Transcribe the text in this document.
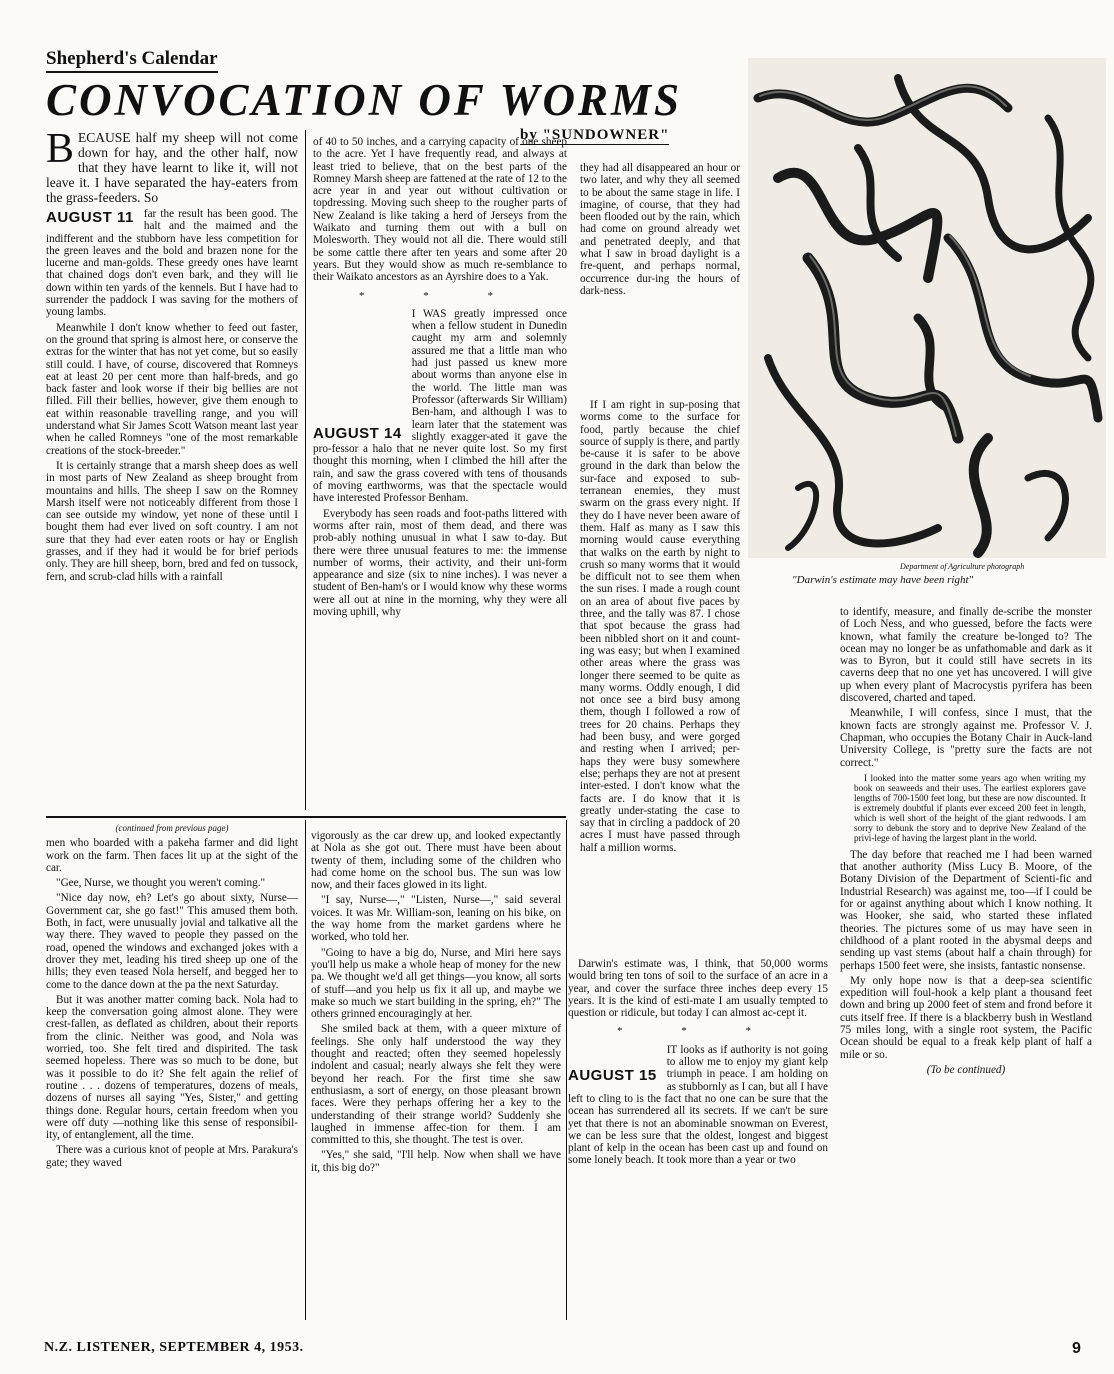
Shepherd's Calendar
CONVOCATION OF WORMS
by "SUNDOWNER"
Department of Agriculture photograph
"Darwin's estimate may have been right"

BECAUSE half my sheep will not come down for hay, and the other half, now that they have learnt to like it, will not leave it. I have separated the hay-eaters from the grass-feeders. So

AUGUST 11 far the result has been good. The halt and the maimed and the indifferent and the stubborn have less competition for the green leaves and the bold and brazen none for the lucerne and man-golds. These greedy ones have learnt that chained dogs don't even bark, and they will lie down within ten yards of the kennels. But I have had to surrender the paddock I was saving for the mothers of young lambs.

Meanwhile I don't know whether to feed out faster, on the ground that spring is almost here, or conserve the extras for the winter that has not yet come, but so easily still could. I have, of course, discovered that Romneys eat at least 20 per cent more than half-breds, and go back faster and look worse if their big bellies are not filled. Fill their bellies, however, give them enough to eat within reasonable travelling range, and you will understand what Sir James Scott Watson meant last year when he called Romneys "one of the most remarkable creations of the stock-breeder."

It is certainly strange that a marsh sheep does as well in most parts of New Zealand as sheep brought from mountains and hills. The sheep I saw on the Romney Marsh itself were not noticeably different from those I can see outside my window, yet none of these until I bought them had ever lived on soft country. I am not sure that they had ever eaten roots or hay or English grasses, and if they had it would be for brief periods only. They are hill sheep, born, bred and fed on tussock, fern, and scrub-clad hills with a rainfall

of 40 to 50 inches, and a carrying capacity of one sheep to the acre. Yet I have frequently read, and always at least tried to believe, that on the best parts of the Romney Marsh sheep are fattened at the rate of 12 to the acre year in and year out without cultivation or topdressing. Moving such sheep to the rougher parts of New Zealand is like taking a herd of Jerseys from the Waikato and turning them out with a bull on Molesworth. They would not all die. There would still be some cattle there after ten years and some after 20 years. But they would show as much re-semblance to their Waikato ancestors as an Ayrshire does to a Yak.

* * *

AUGUST 14
I WAS greatly impressed once when a fellow student in Dunedin caught my arm and solemnly assured me that a little man who had just passed us knew more about worms than anyone else in the world. The little man was Professor (afterwards Sir William) Ben-ham, and although I was to learn later that the statement was slightly exagger-ated it gave the pro-fessor a halo that ne never quite lost. So my first thought this morning, when I climbed the hill after the rain, and saw the grass covered with tens of thousands of moving earthworms, was that the spectacle would have interested Professor Benham.

Everybody has seen roads and foot-paths littered with worms after rain, most of them dead, and there was prob-ably nothing unusual in what I saw to-day. But there were three unusual features to me: the immense number of worms, their activity, and their uni-form appearance and size (six to nine inches). I was never a student of Ben-ham's or I would know why these worms were all out at nine in the morning, why they were all moving uphill, why

they had all disappeared an hour or two later, and why they all seemed to be about the same stage in life. I imagine, of course, that they had been flooded out by the rain, which had come on ground already wet and penetrated deeply, and that what I saw in broad daylight is a fre-quent, and perhaps normal, occurrence dur-ing the hours of dark-ness.

If I am right in sup-posing that worms come to the surface for food, partly because the chief source of supply is there, and partly be-cause it is safer to be above ground in the dark than below the sur-face and exposed to sub-terranean enemies, they must swarm on the grass every night. If they do I have never been aware of them. Half as many as I saw this morning would cause everything that walks on the earth by night to crush so many worms that it would be difficult not to see them when the sun rises. I made a rough count on an area of about five paces by three, and the tally was 87. I chose that spot because the grass had been nibbled short on it and count-ing was easy; but when I examined other areas where the grass was longer there seemed to be quite as many worms. Oddly enough, I did not once see a bird busy among them, though I followed a row of trees for 20 chains. Perhaps they had been busy, and were gorged and resting when I arrived; per-haps they were busy somewhere else; perhaps they are not at present inter-ested. I don't know what the facts are. I do know that it is greatly under-stating the case to say that in circling a paddock of 20 acres I must have passed through half a million worms.

Darwin's estimate was, I think, that 50,000 worms would bring ten tons of soil to the surface of an acre in a year, and cover the surface three inches deep every 15 years. It is the kind of esti-mate I am usually tempted to question or ridicule, but today I can almost ac-cept it.

* * *

AUGUST 15
IT looks as if authority is not going to allow me to enjoy my giant kelp triumph in peace. I am holding on as stubbornly as I can, but all I have left to cling to is the fact that no one can be sure that the ocean has surrendered all its secrets. If we can't be sure yet that there is not an abominable snowman on Everest, we can be less sure that the oldest, longest and biggest plant of kelp in the ocean has been cast up and found on some lonely beach. It took more than a year or two

to identify, measure, and finally de-scribe the monster of Loch Ness, and who guessed, before the facts were known, what family the creature be-longed to? The ocean may no longer be as unfathomable and dark as it was to Byron, but it could still have secrets in its caverns deep that no one yet has uncovered. I will give up when every plant of Macrocystis pyrifera has been discovered, charted and taped.

Meanwhile, I will confess, since I must, that the known facts are strongly against me. Professor V. J. Chapman, who occupies the Botany Chair in Auck-land University College, is "pretty sure the facts are not correct."

I looked into the matter some years ago when writing my book on seaweeds and their uses. The earliest explorers gave lengths of 700-1500 feet long, but these are now discounted. It is extremely doubtful if plants ever exceed 200 feet in length, which is well short of the height of the giant redwoods. I am sorry to debunk the story and to deprive New Zealand of the privi-lege of having the largest plant in the world.

The day before that reached me I had been warned that another authority (Miss Lucy B. Moore, of the Botany Division of the Department of Scienti-fic and Industrial Research) was against me, too—if I could be for or against anything about which I know nothing. It was Hooker, she said, who started these inflated theories. The pictures some of us may have seen in childhood of a plant rooted in the abysmal deeps and sending up vast stems (about half a chain through) for perhaps 1500 feet were, she insists, fantastic nonsense.

My only hope now is that a deep-sea scientific expedition will foul-hook a kelp plant a thousand feet down and bring up 2000 feet of stem and frond before it cuts itself free. If there is a blackberry bush in Westland 75 miles long, with a single root system, the Pacific Ocean should be equal to a freak kelp plant of half a mile or so.

(To be continued)

(continued from previous page)

men who boarded with a pakeha farmer and did light work on the farm. Then faces lit up at the sight of the car.

"Gee, Nurse, we thought you weren't coming."

"Nice day now, eh? Let's go about sixty, Nurse—Government car, she go fast!" This amused them both. Both, in fact, were unusually jovial and talkative all the way there. They waved to people they passed on the road, opened the windows and exchanged jokes with a drover they met, leading his tired sheep up one of the hills; they even teased Nola herself, and begged her to come to the dance down at the pa the next Saturday.

But it was another matter coming back. Nola had to keep the conversation going almost alone. They were crest-fallen, as deflated as children, about their reports from the clinic. Neither was good, and Nola was worried, too. She felt tired and dispirited. The task seemed hopeless. There was so much to be done, but was it possible to do it? She felt again the relief of routine . . . dozens of temperatures, dozens of meals, dozens of nurses all saying "Yes, Sister," and getting things done. Regular hours, certain freedom when you were off duty —nothing like this sense of responsibil-ity, of entanglement, all the time.

There was a curious knot of people at Mrs. Parakura's gate; they waved

vigorously as the car drew up, and looked expectantly at Nola as she got out. There must have been about twenty of them, including some of the children who had come home on the school bus. The sun was low now, and their faces glowed in its light.

"I say, Nurse—," "Listen, Nurse—," said several voices. It was Mr. William-son, leaning on his bike, on the way home from the market gardens where he worked, who told her.

"Going to have a big do, Nurse, and Miri here says you'll help us make a whole heap of money for the new pa. We thought we'd all get things—you know, all sorts of stuff—and you help us fix it all up, and maybe we make so much we start building in the spring, eh?" The others grinned encouragingly at her.

She smiled back at them, with a queer mixture of feelings. She only half understood the way they thought and reacted; often they seemed hopelessly indolent and casual; nearly always she felt they were beyond her reach. For the first time she saw enthusiasm, a sort of energy, on those pleasant brown faces. Were they perhaps offering her a key to the understanding of their strange world? Suddenly she laughed in immense affec-tion for them. I am committed to this, she thought. The test is over.

"Yes," she said, "I'll help. Now when shall we have it, this big do?"

N.Z. LISTENER, SEPTEMBER 4, 1953.	9
